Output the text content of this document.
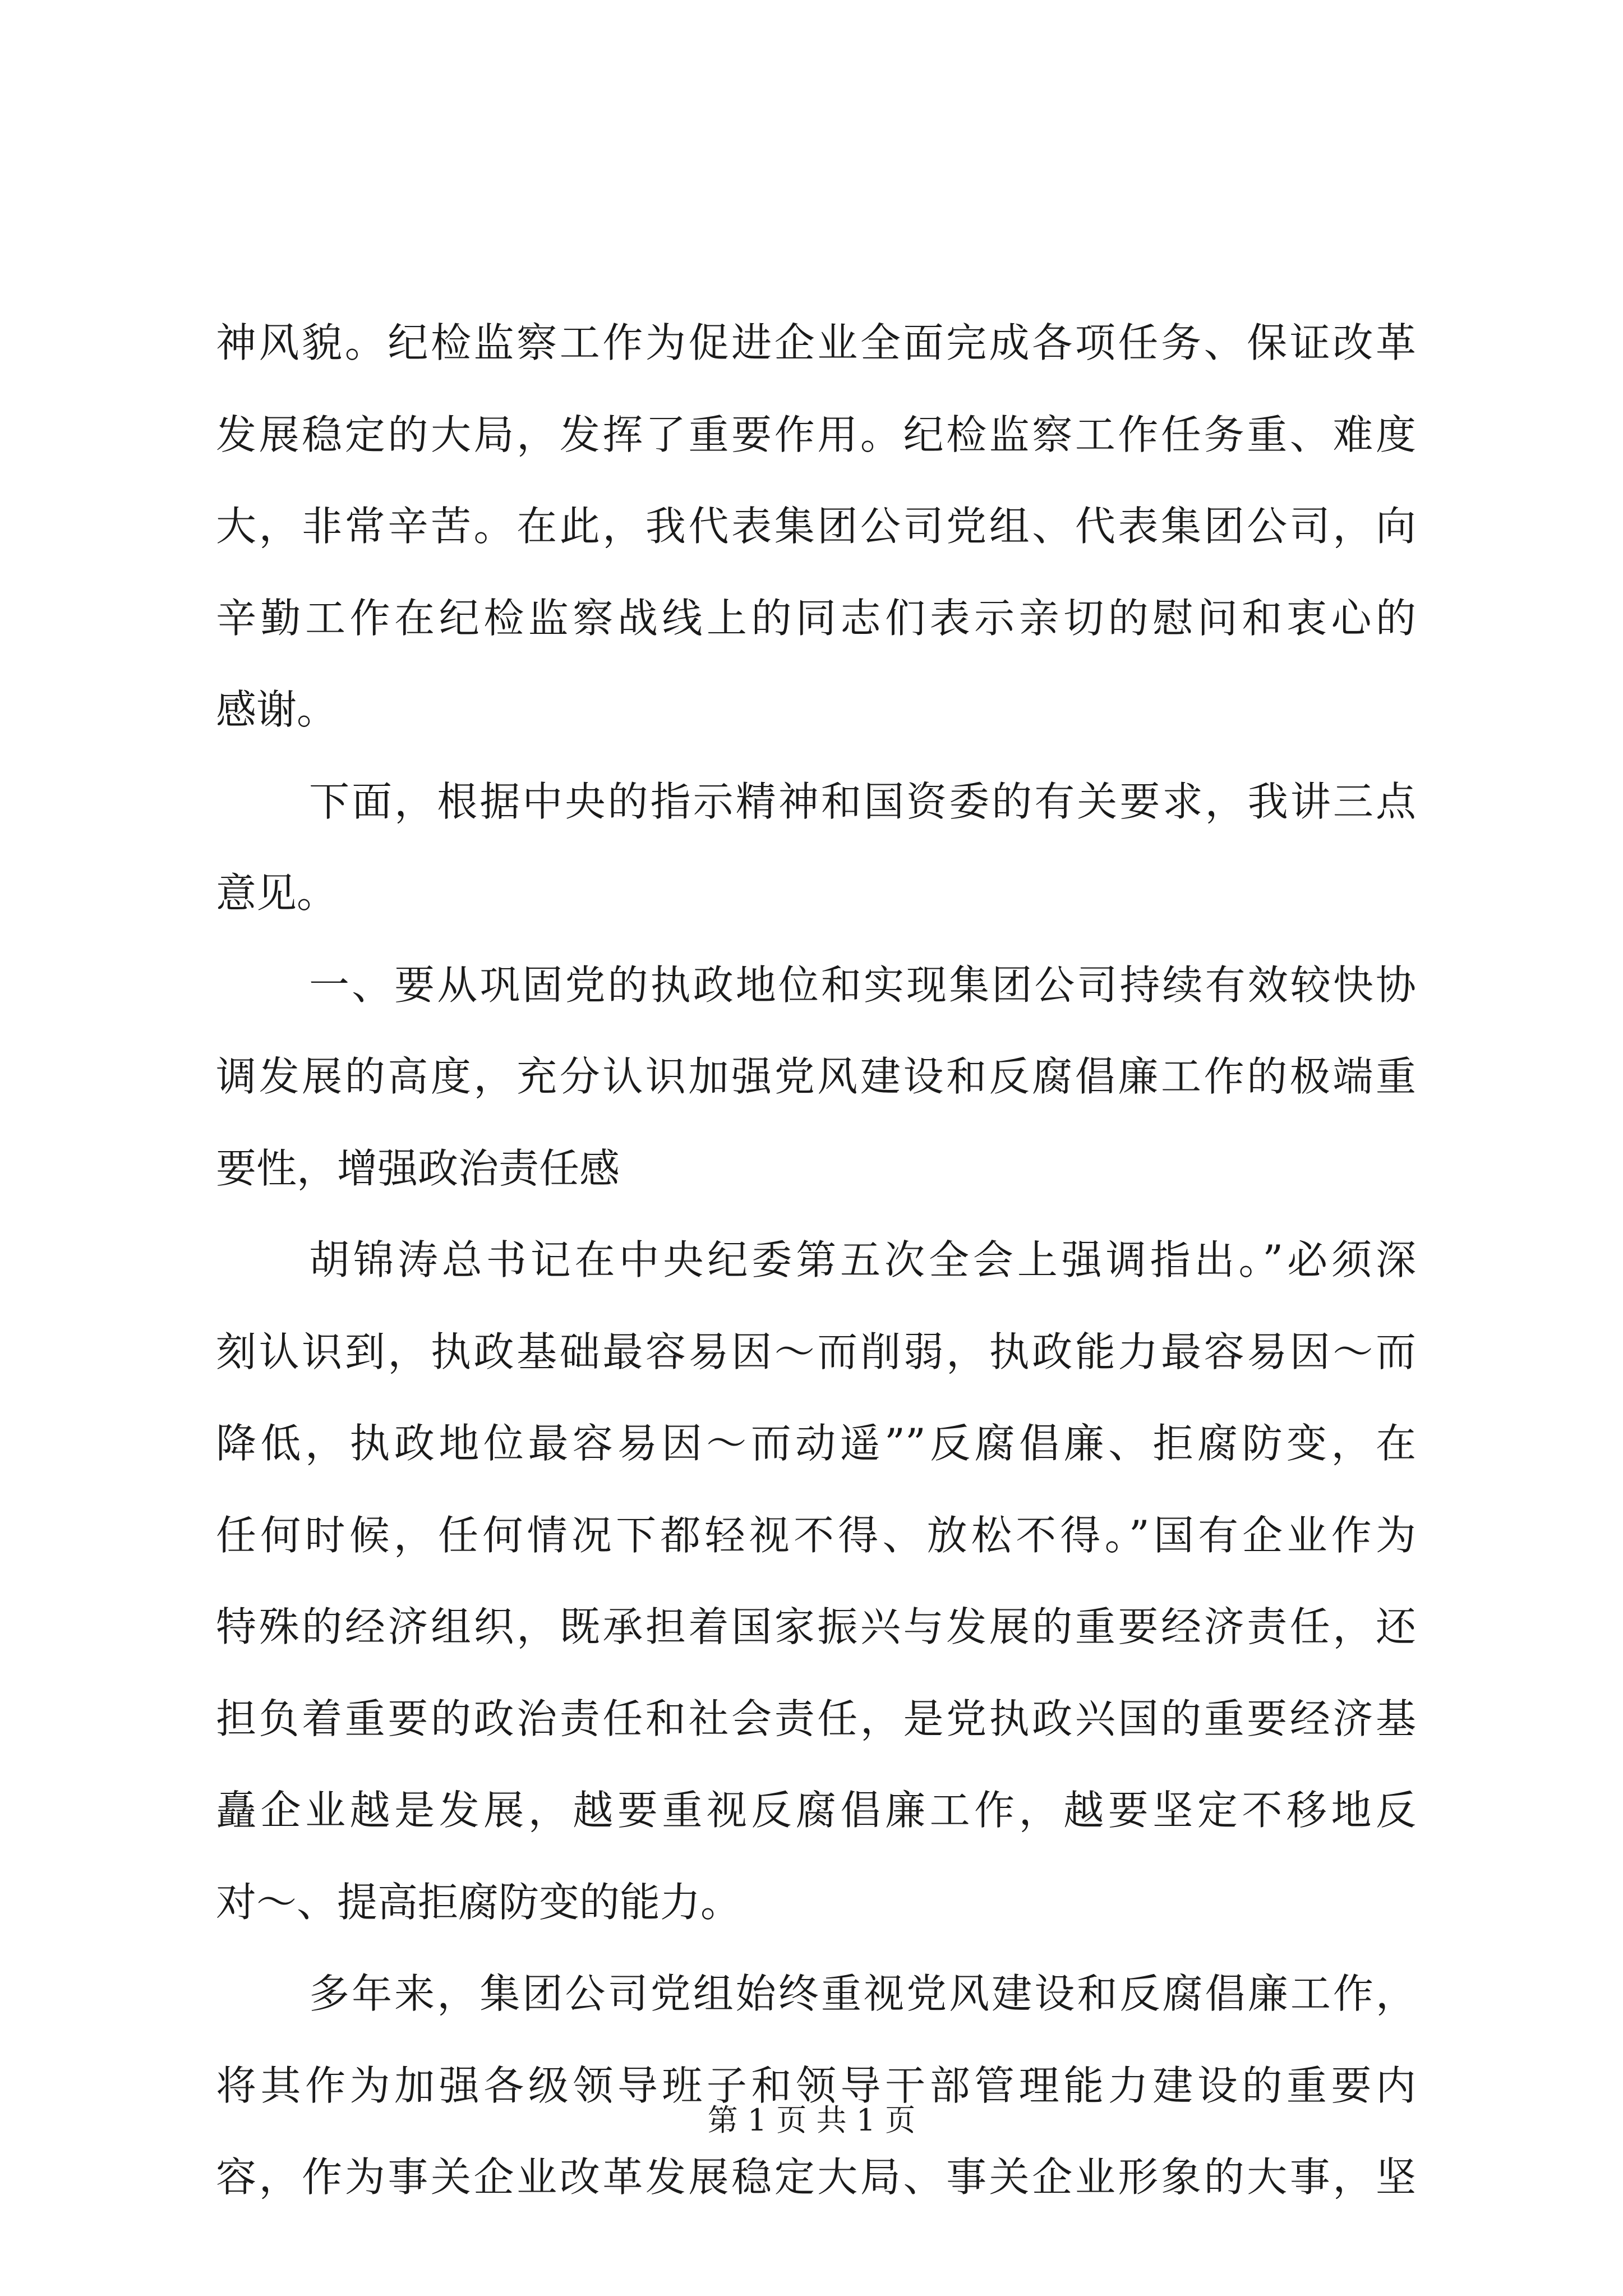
神风貌。纪检监察工作为促进企业全面完成各项任务、保证改革
发展稳定的大局，发挥了重要作用。纪检监察工作任务重、难度
大，非常辛苦。在此，我代表集团公司党组、代表集团公司，向
辛勤工作在纪检监察战线上的同志们表示亲切的慰问和衷心的
感谢。
下面，根据中央的指示精神和国资委的有关要求，我讲三点
意见。
一、要从巩固党的执政地位和实现集团公司持续有效较快协
调发展的高度，充分认识加强党风建设和反腐倡廉工作的极端重
要性，增强政治责任感
胡锦涛总书记在中央纪委第五次全会上强调指出。”必须深
刻认识到，执政基础最容易因～而削弱，执政能力最容易因～而
降低，执政地位最容易因～而动遥””反腐倡廉、拒腐防变，在
任何时候，任何情况下都轻视不得、放松不得。”国有企业作为
特殊的经济组织，既承担着国家振兴与发展的重要经济责任，还
担负着重要的政治责任和社会责任，是党执政兴国的重要经济基
矗企业越是发展，越要重视反腐倡廉工作，越要坚定不移地反
对～、提高拒腐防变的能力。
多年来，集团公司党组始终重视党风建设和反腐倡廉工作，
将其作为加强各级领导班子和领导干部管理能力建设的重要内
容，作为事关企业改革发展稳定大局、事关企业形象的大事，坚
第 1 页 共 1 页
